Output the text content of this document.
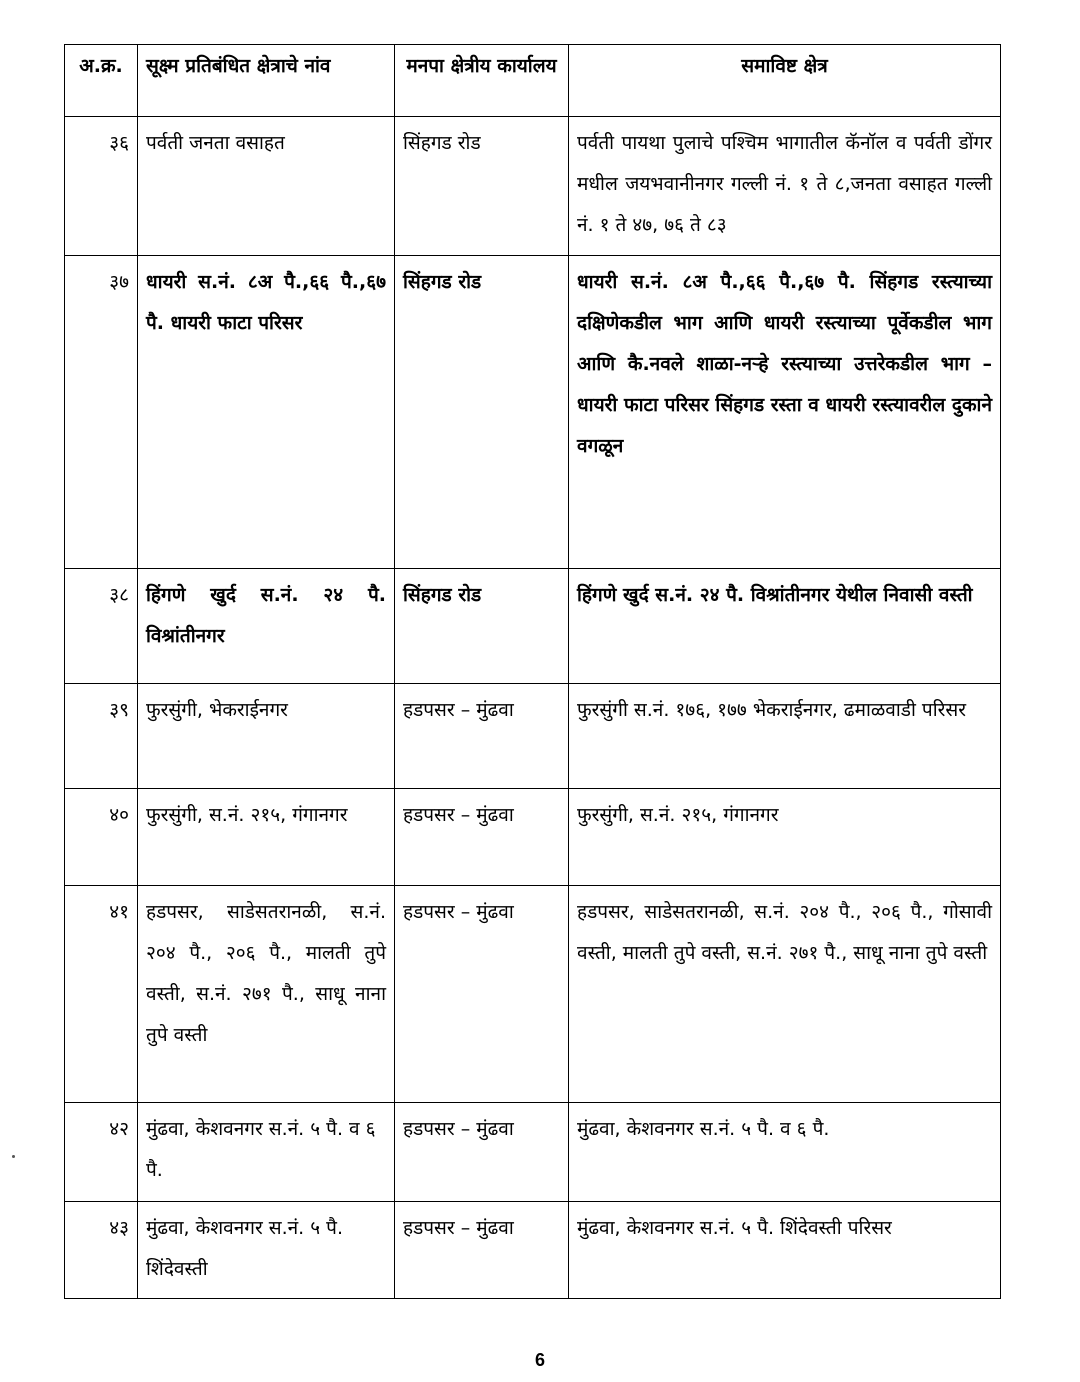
अ.क्र.	सूक्ष्म प्रतिबंधित क्षेत्राचे नांव	मनपा क्षेत्रीय कार्यालय	समाविष्ट क्षेत्र
३६	पर्वती जनता वसाहत	सिंहगड रोड	पर्वती पायथा पुलाचे पश्चिम भागातील कॅनॉल व पर्वती डोंगर मधील जयभवानीनगर गल्ली नं. १ ते ८,जनता वसाहत गल्ली नं. १ ते ४७, ७६ ते ८३
३७	धायरी स.नं. ८अ पै.,६६ पै.,६७ पै. धायरी फाटा परिसर	सिंहगड रोड	धायरी स.नं. ८अ पै.,६६ पै.,६७ पै. सिंहगड रस्त्याच्या दक्षिणेकडील भाग आणि धायरी रस्त्याच्या पूर्वेकडील भाग आणि कै.नवले शाळा-नऱ्हे रस्त्याच्या उत्तरेकडील भाग – धायरी फाटा परिसर सिंहगड रस्ता व धायरी रस्त्यावरील दुकाने वगळून
३८	हिंगणे खुर्द स.नं. २४ पै. विश्रांतीनगर	सिंहगड रोड	हिंगणे खुर्द स.नं. २४ पै. विश्रांतीनगर येथील निवासी वस्ती
३९	फुरसुंगी, भेकराईनगर	हडपसर – मुंढवा	फुरसुंगी स.नं. १७६, १७७ भेकराईनगर, ढमाळवाडी परिसर
४०	फुरसुंगी, स.नं. २१५, गंगानगर	हडपसर – मुंढवा	फुरसुंगी, स.नं. २१५, गंगानगर
४१	हडपसर, साडेसतरानळी, स.नं. २०४ पै., २०६ पै., मालती तुपे वस्ती, स.नं. २७१ पै., साधू नाना तुपे वस्ती	हडपसर – मुंढवा	हडपसर, साडेसतरानळी, स.नं. २०४ पै., २०६ पै., गोसावी वस्ती, मालती तुपे वस्ती, स.नं. २७१ पै., साधू नाना तुपे वस्ती
४२	मुंढवा, केशवनगर स.नं. ५ पै. व ६ पै.	हडपसर – मुंढवा	मुंढवा, केशवनगर स.नं. ५ पै. व ६ पै.
४३	मुंढवा, केशवनगर स.नं. ५ पै. शिंदेवस्ती	हडपसर – मुंढवा	मुंढवा, केशवनगर स.नं. ५ पै. शिंदेवस्ती परिसर
6
